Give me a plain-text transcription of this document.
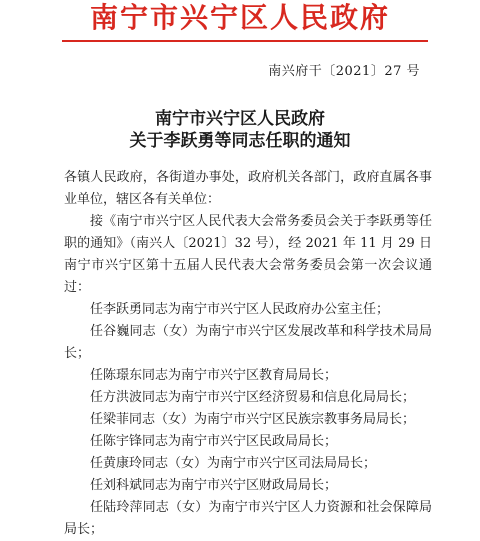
南宁市兴宁区人民政府
南兴府干〔2021〕27 号
南宁市兴宁区人民政府
关于李跃勇等同志任职的通知

各镇人民政府，各街道办事处，政府机关各部门，政府直属各事业单位，辖区各有关单位：

接《南宁市兴宁区人民代表大会常务委员会关于李跃勇等任职的通知》（南兴人〔2021〕32 号），经 2021 年 11 月 29 日南宁市兴宁区第十五届人民代表大会常务委员会第一次会议通过：

任李跃勇同志为南宁市兴宁区人民政府办公室主任；

任谷巍同志（女）为南宁市兴宁区发展改革和科学技术局局长；

任陈璟东同志为南宁市兴宁区教育局局长；

任方洪波同志为南宁市兴宁区经济贸易和信息化局局长；

任梁菲同志（女）为南宁市兴宁区民族宗教事务局局长；

任陈宇锋同志为南宁市兴宁区民政局局长；

任黄康玲同志（女）为南宁市兴宁区司法局局长；

任刘科斌同志为南宁市兴宁区财政局局长；

任陆玲萍同志（女）为南宁市兴宁区人力资源和社会保障局局长；
